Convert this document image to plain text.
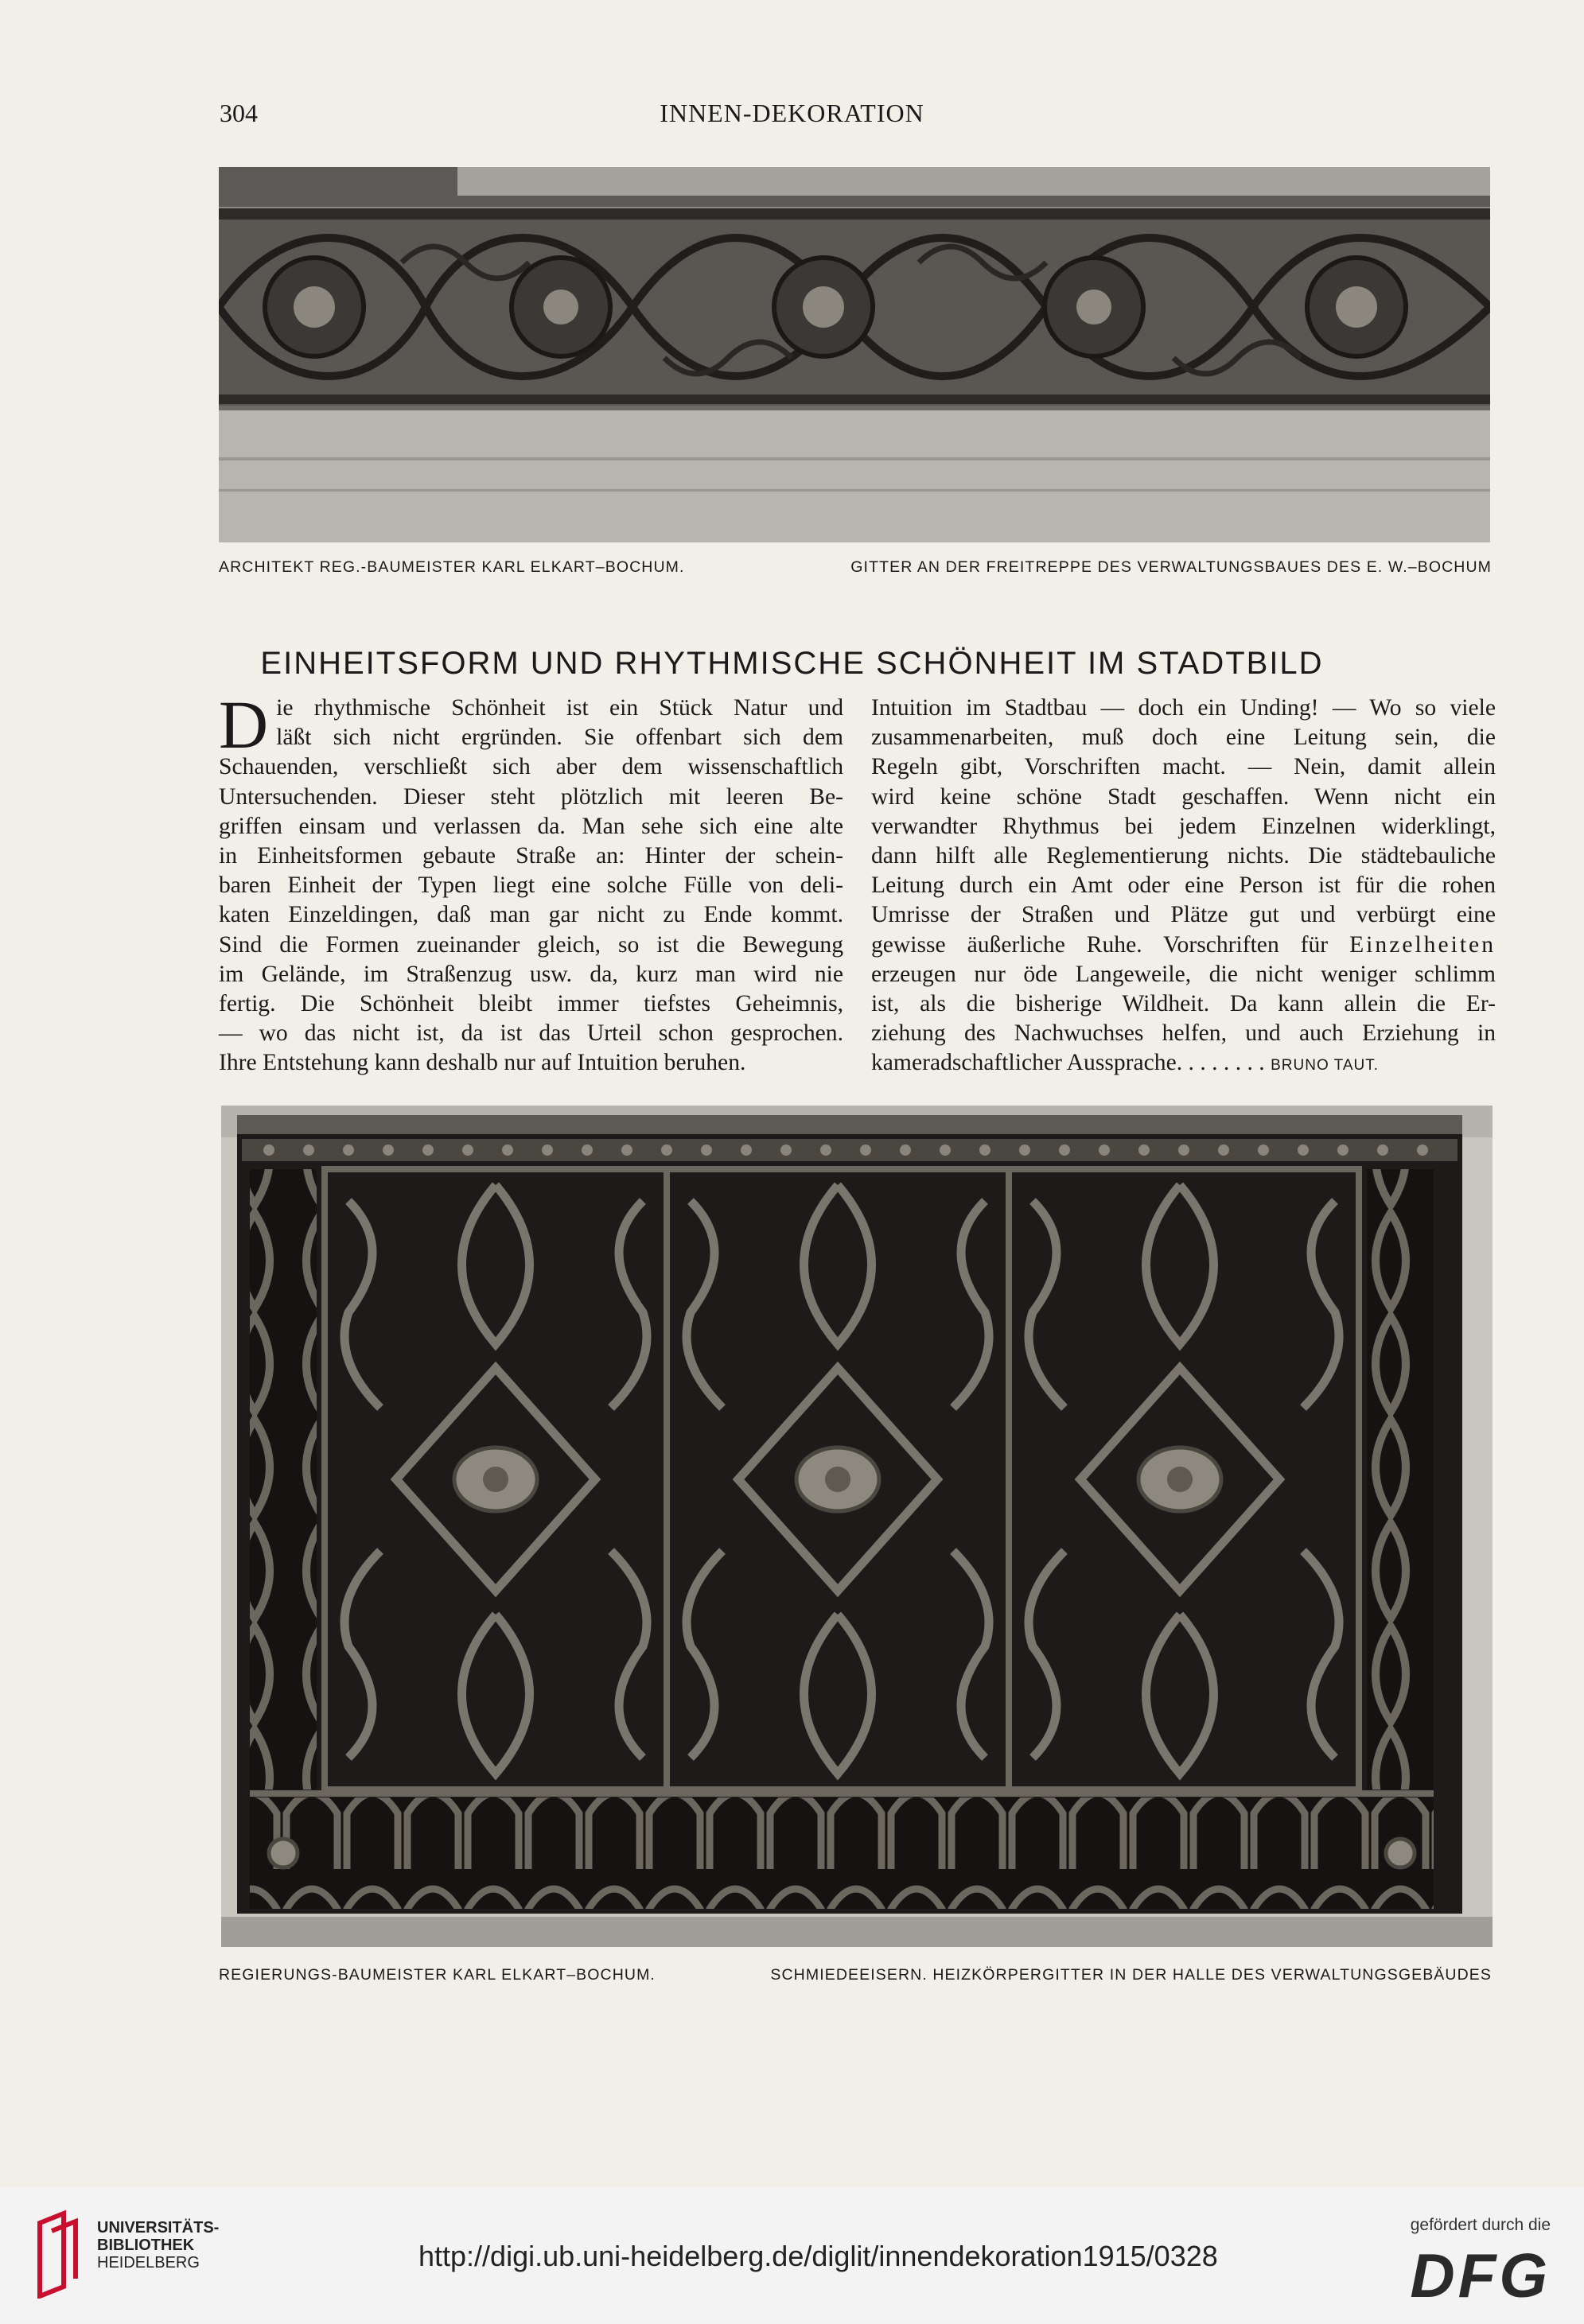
304	INNEN-DEKORATION
ARCHITEKT REG.-BAUMEISTER KARL ELKART–BOCHUM.	GITTER AN DER FREITREPPE DES VERWALTUNGSBAUES DES E. W.–BOCHUM
EINHEITSFORM UND RHYTHMISCHE SCHÖNHEIT IM STADTBILD
D ie rhythmische Schönheit ist ein Stück Natur und
läßt sich nicht ergründen. Sie offenbart sich dem
Schauenden, verschließt sich aber dem wissenschaftlich
Untersuchenden. Dieser steht plötzlich mit leeren Be-
griffen einsam und verlassen da. Man sehe sich eine alte
in Einheitsformen gebaute Straße an: Hinter der schein-
baren Einheit der Typen liegt eine solche Fülle von deli-
katen Einzeldingen, daß man gar nicht zu Ende kommt.
Sind die Formen zueinander gleich, so ist die Bewegung
im Gelände, im Straßenzug usw. da, kurz man wird nie
fertig. Die Schönheit bleibt immer tiefstes Geheimnis,
— wo das nicht ist, da ist das Urteil schon gesprochen.
Ihre Entstehung kann deshalb nur auf Intuition beruhen.
Intuition im Stadtbau — doch ein Unding! — Wo so viele
zusammenarbeiten, muß doch eine Leitung sein, die
Regeln gibt, Vorschriften macht. — Nein, damit allein
wird keine schöne Stadt geschaffen. Wenn nicht ein
verwandter Rhythmus bei jedem Einzelnen widerklingt,
dann hilft alle Reglementierung nichts. Die städtebauliche
Leitung durch ein Amt oder eine Person ist für die rohen
Umrisse der Straßen und Plätze gut und verbürgt eine
gewisse äußerliche Ruhe. Vorschriften für Einzelheiten
erzeugen nur öde Langeweile, die nicht weniger schlimm
ist, als die bisherige Wildheit. Da kann allein die Er-
ziehung des Nachwuchses helfen, und auch Erziehung in
kameradschaftlicher Aussprache. . . . . . . . BRUNO TAUT.
REGIERUNGS-BAUMEISTER KARL ELKART–BOCHUM.	SCHMIEDEEISERN. HEIZKÖRPERGITTER IN DER HALLE DES VERWALTUNGSGEBÄUDES
UNIVERSITÄTS-
BIBLIOTHEK
HEIDELBERG	http://digi.ub.uni-heidelberg.de/diglit/innendekoration1915/0328
gefördert durch die
DFG
